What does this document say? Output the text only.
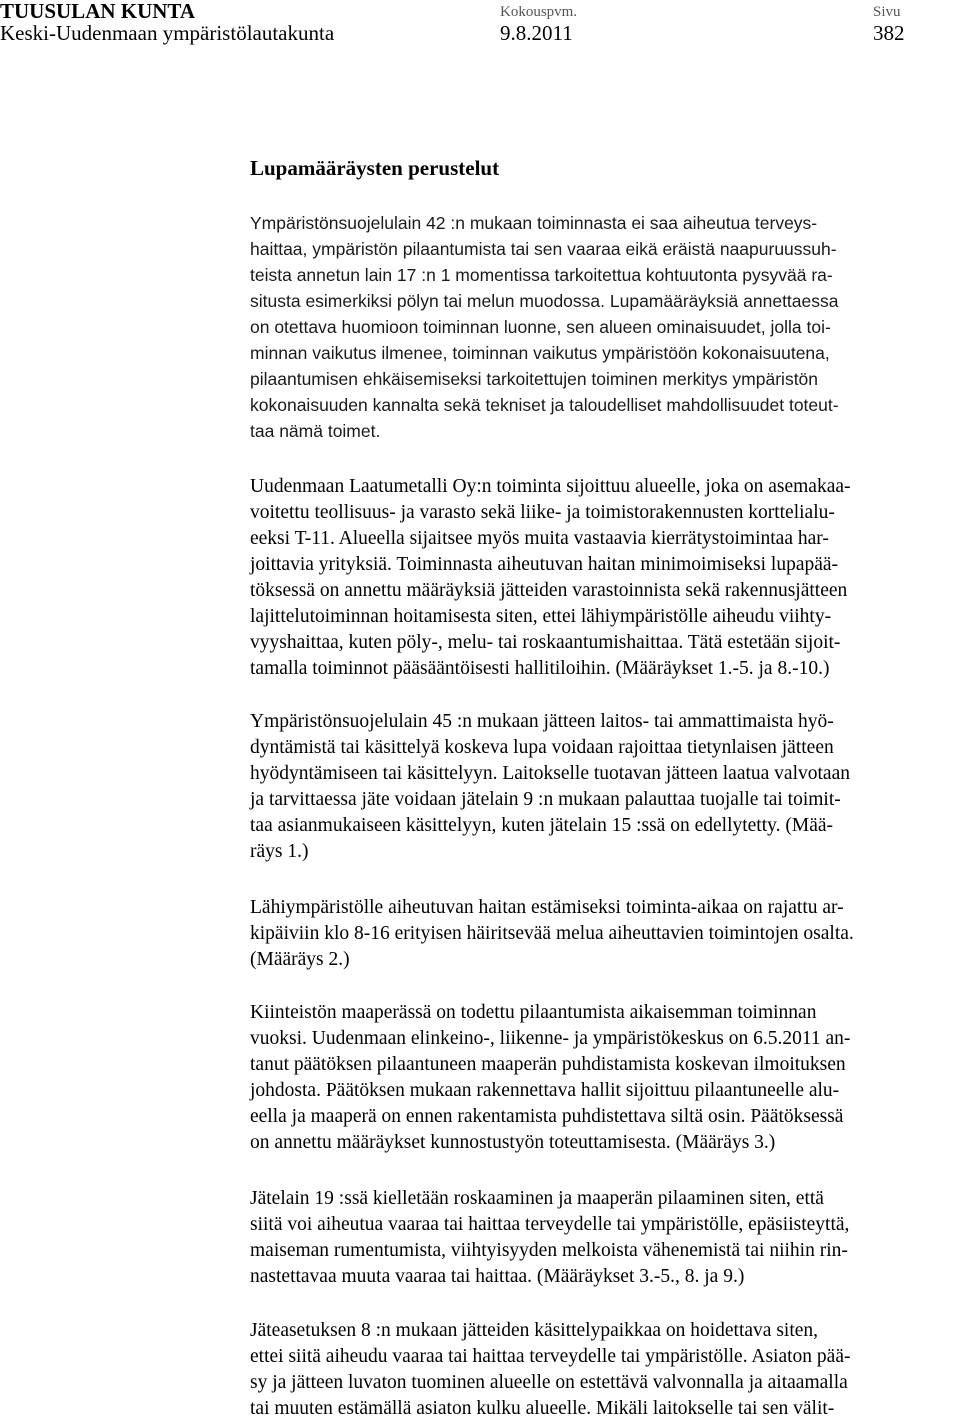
TUUSULAN KUNTA	Kokouspvm.	Sivu
Keski-Uudenmaan ympäristölautakunta	9.8.2011	382
Lupamääräysten perustelut
Ympäristönsuojelulain 42 :n mukaan toiminnasta ei saa aiheutua terveys-
haittaa, ympäristön pilaantumista tai sen vaaraa eikä eräistä naapuruussuh-
teista annetun lain 17 :n 1 momentissa tarkoitettua kohtuutonta pysyvää ra-
situsta esimerkiksi pölyn tai melun muodossa. Lupamääräyksiä annettaessa
on otettava huomioon toiminnan luonne, sen alueen ominaisuudet, jolla toi-
minnan vaikutus ilmenee, toiminnan vaikutus ympäristöön kokonaisuutena,
pilaantumisen ehkäisemiseksi tarkoitettujen toiminen merkitys ympäristön
kokonaisuuden kannalta sekä tekniset ja taloudelliset mahdollisuudet toteut-
taa nämä toimet.
Uudenmaan Laatumetalli Oy:n toiminta sijoittuu alueelle, joka on asemakaa-
voitettu teollisuus- ja varasto sekä liike- ja toimistorakennusten korttelialu-
eeksi T-11. Alueella sijaitsee myös muita vastaavia kierrätystoimintaa har-
joittavia yrityksiä. Toiminnasta aiheutuvan haitan minimoimiseksi lupapää-
töksessä on annettu määräyksiä jätteiden varastoinnista sekä rakennusjätteen
lajittelutoiminnan hoitamisesta siten, ettei lähiympäristölle aiheudu viihty-
vyyshaittaa, kuten pöly-, melu- tai roskaantumishaittaa. Tätä estetään sijoit-
tamalla toiminnot pääsääntöisesti hallitiloihin. (Määräykset 1.-5. ja 8.-10.)
Ympäristönsuojelulain 45 :n mukaan jätteen laitos- tai ammattimaista hyö-
dyntämistä tai käsittelyä koskeva lupa voidaan rajoittaa tietynlaisen jätteen
hyödyntämiseen tai käsittelyyn. Laitokselle tuotavan jätteen laatua valvotaan
ja tarvittaessa jäte voidaan jätelain 9 :n mukaan palauttaa tuojalle tai toimit-
taa asianmukaiseen käsittelyyn, kuten jätelain 15 :ssä on edellytetty. (Mää-
räys 1.)
Lähiympäristölle aiheutuvan haitan estämiseksi toiminta-aikaa on rajattu ar-
kipäiviin klo 8-16 erityisen häiritsevää melua aiheuttavien toimintojen osalta.
(Määräys 2.)
Kiinteistön maaperässä on todettu pilaantumista aikaisemman toiminnan
vuoksi. Uudenmaan elinkeino-, liikenne- ja ympäristökeskus on 6.5.2011 an-
tanut päätöksen pilaantuneen maaperän puhdistamista koskevan ilmoituksen
johdosta. Päätöksen mukaan rakennettava hallit sijoittuu pilaantuneelle alu-
eella ja maaperä on ennen rakentamista puhdistettava siltä osin. Päätöksessä
on annettu määräykset kunnostustyön toteuttamisesta. (Määräys 3.)
Jätelain 19 :ssä kielletään roskaaminen ja maaperän pilaaminen siten, että
siitä voi aiheutua vaaraa tai haittaa terveydelle tai ympäristölle, epäsiisteyttä,
maiseman rumentumista, viihtyisyyden melkoista vähenemistä tai niihin rin-
nastettavaa muuta vaaraa tai haittaa. (Määräykset 3.-5., 8. ja 9.)
Jäteasetuksen 8 :n mukaan jätteiden käsittelypaikkaa on hoidettava siten,
ettei siitä aiheudu vaaraa tai haittaa terveydelle tai ympäristölle. Asiaton pää-
sy ja jätteen luvaton tuominen alueelle on estettävä valvonnalla ja aitaamalla
tai muuten estämällä asiaton kulku alueelle. Mikäli laitokselle tai sen välit-
